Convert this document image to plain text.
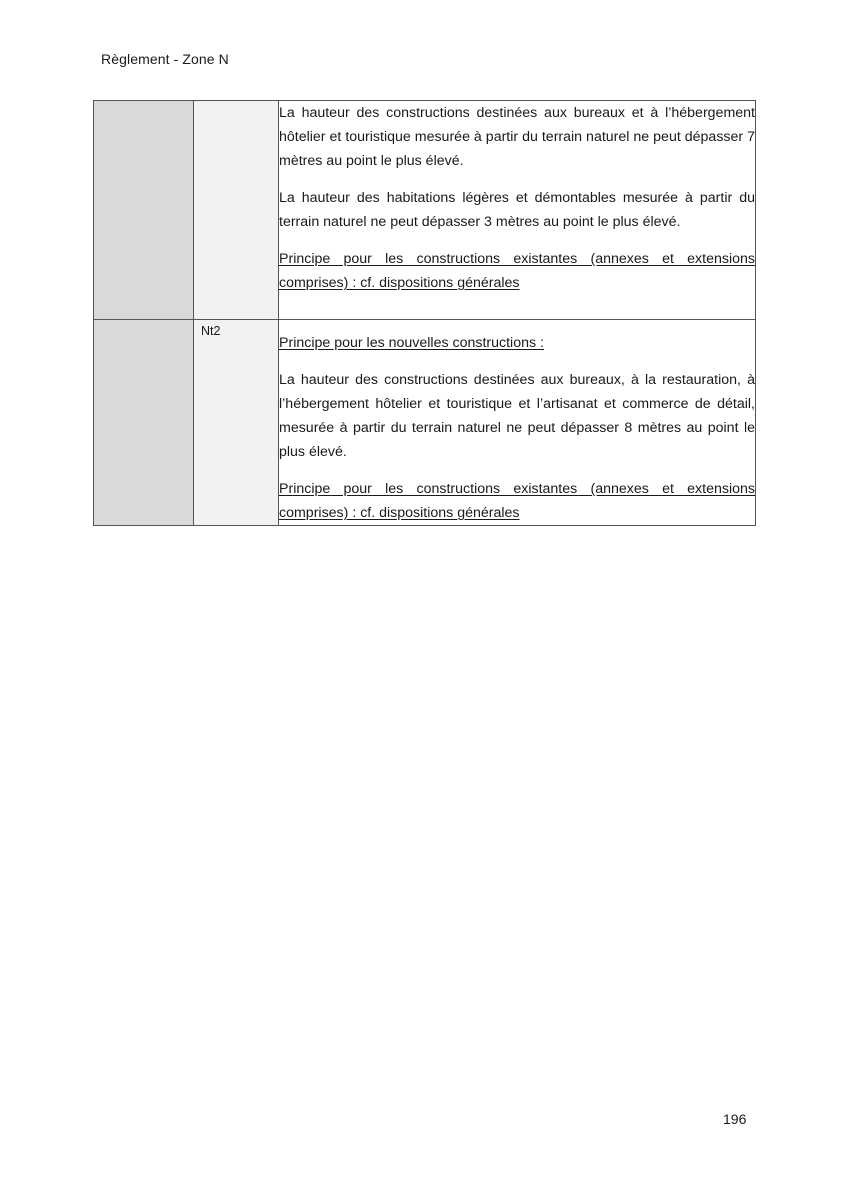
Règlement - Zone N

		La hauteur des constructions destinées aux bureaux et à l’hébergement hôtelier et touristique mesurée à partir du terrain naturel ne peut dépasser 7 mètres au point le plus élevé.

La hauteur des habitations légères et démontables mesurée à partir du terrain naturel ne peut dépasser 3 mètres au point le plus élevé.

Principe pour les constructions existantes (annexes et extensions comprises) : cf. dispositions générales

	Nt2	Principe pour les nouvelles constructions :

La hauteur des constructions destinées aux bureaux, à la restauration, à l’hébergement hôtelier et touristique et l’artisanat et commerce de détail, mesurée à partir du terrain naturel ne peut dépasser 8 mètres au point le plus élevé.

Principe pour les constructions existantes (annexes et extensions comprises) : cf. dispositions générales

196
